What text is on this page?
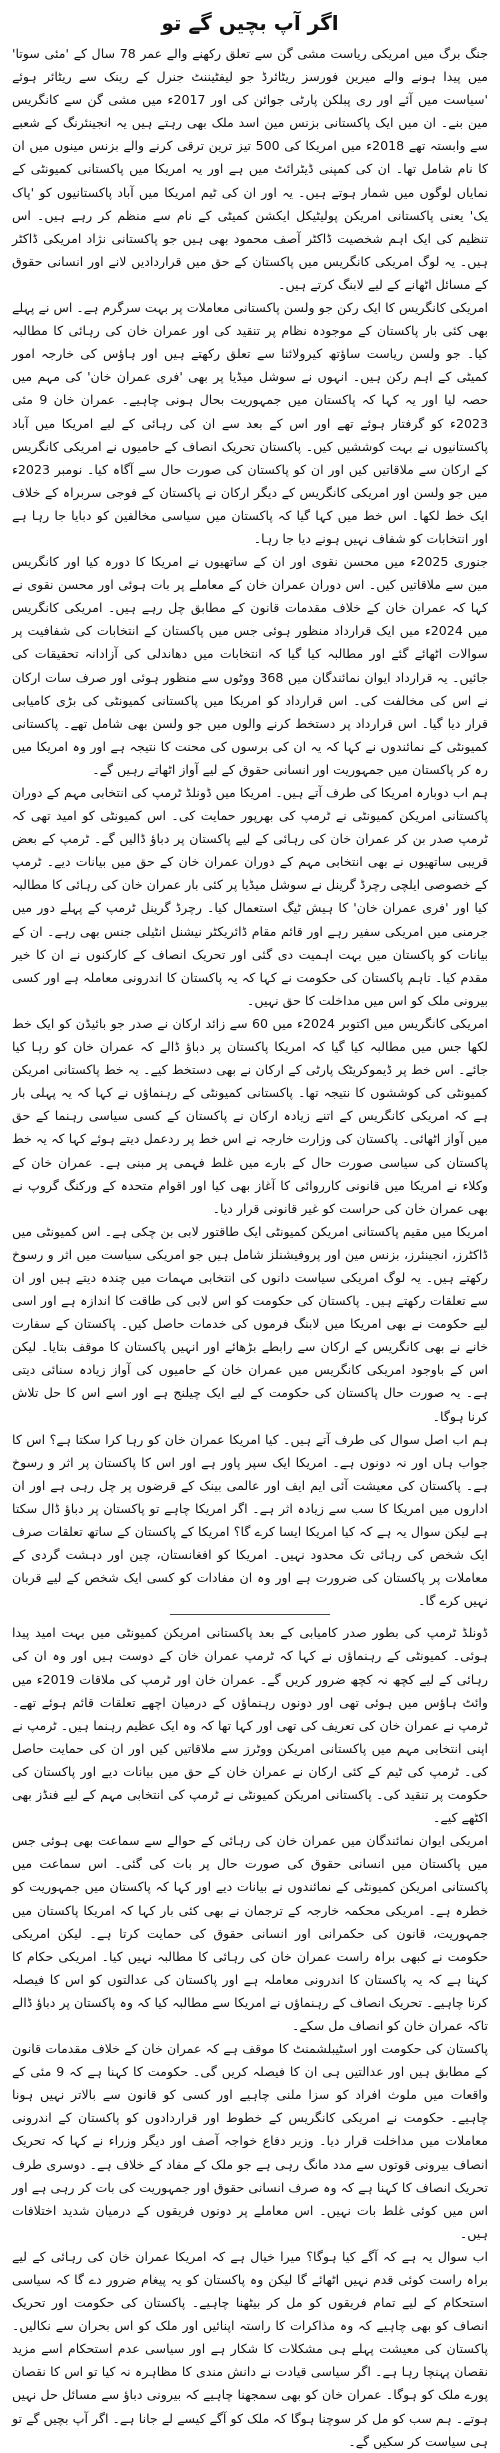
اگر آپ بچیں گے تو

جنگ برگ میں امریکی ریاست مشی گن سے تعلق رکھنے والے عمر 78 سال کے 'مئی سوتا' میں پیدا ہونے والے میرین فورسز ریٹائرڈ جو لیفٹیننٹ جنرل کے رینک سے ریٹائر ہوئے 'سیاست میں آئے اور ری پبلکن پارٹی جوائن کی اور 2017ء میں مشی گن سے کانگریس مین بنے۔ ان میں ایک پاکستانی بزنس مین اسد ملک بھی رہتے ہیں یہ انجینئرنگ کے شعبے سے وابستہ تھے 2018ء میں امریکا کی 500 تیز ترین ترقی کرنے والے بزنس مینوں میں ان کا نام شامل تھا۔ ان کی کمپنی ڈیٹرائٹ میں ہے اور یہ امریکا میں پاکستانی کمیونٹی کے نمایاں لوگوں میں شمار ہوتے ہیں۔ یہ اور ان کی ٹیم امریکا میں آباد پاکستانیوں کو 'پاک یک' یعنی پاکستانی امریکن پولیٹیکل ایکشن کمیٹی کے نام سے منظم کر رہے ہیں۔ اس تنظیم کی ایک اہم شخصیت ڈاکٹر آصف محمود بھی ہیں جو پاکستانی نژاد امریکی ڈاکٹر ہیں۔ یہ لوگ امریکی کانگریس میں پاکستان کے حق میں قراردادیں لانے اور انسانی حقوق کے مسائل اٹھانے کے لیے لابنگ کرتے ہیں۔

امریکی کانگریس کا ایک رکن جو ولسن پاکستانی معاملات پر بہت سرگرم ہے۔ اس نے پہلے بھی کئی بار پاکستان کے موجودہ نظام پر تنقید کی اور عمران خان کی رہائی کا مطالبہ کیا۔ جو ولسن ریاست ساؤتھ کیرولائنا سے تعلق رکھتے ہیں اور ہاؤس کی خارجہ امور کمیٹی کے اہم رکن ہیں۔ انہوں نے سوشل میڈیا پر بھی 'فری عمران خان' کی مہم میں حصہ لیا اور یہ کہا کہ پاکستان میں جمہوریت بحال ہونی چاہیے۔ عمران خان 9 مئی 2023ء کو گرفتار ہوئے تھے اور اس کے بعد سے ان کی رہائی کے لیے امریکا میں آباد پاکستانیوں نے بہت کوششیں کیں۔ پاکستان تحریک انصاف کے حامیوں نے امریکی کانگریس کے ارکان سے ملاقاتیں کیں اور ان کو پاکستان کی صورت حال سے آگاہ کیا۔ نومبر 2023ء میں جو ولسن اور امریکی کانگریس کے دیگر ارکان نے پاکستان کے فوجی سربراہ کے خلاف ایک خط لکھا۔ اس خط میں کہا گیا کہ پاکستان میں سیاسی مخالفین کو دبایا جا رہا ہے اور انتخابات کو شفاف نہیں ہونے دیا جا رہا۔

جنوری 2025ء میں محسن نقوی اور ان کے ساتھیوں نے امریکا کا دورہ کیا اور کانگریس مین سے ملاقاتیں کیں۔ اس دوران عمران خان کے معاملے پر بات ہوئی اور محسن نقوی نے کہا کہ عمران خان کے خلاف مقدمات قانون کے مطابق چل رہے ہیں۔ امریکی کانگریس میں 2024ء میں ایک قرارداد منظور ہوئی جس میں پاکستان کے انتخابات کی شفافیت پر سوالات اٹھائے گئے اور مطالبہ کیا گیا کہ انتخابات میں دھاندلی کی آزادانہ تحقیقات کی جائیں۔ یہ قرارداد ایوان نمائندگان میں 368 ووٹوں سے منظور ہوئی اور صرف سات ارکان نے اس کی مخالفت کی۔ اس قرارداد کو امریکا میں پاکستانی کمیونٹی کی بڑی کامیابی قرار دیا گیا۔ اس قرارداد پر دستخط کرنے والوں میں جو ولسن بھی شامل تھے۔ پاکستانی کمیونٹی کے نمائندوں نے کہا کہ یہ ان کی برسوں کی محنت کا نتیجہ ہے اور وہ امریکا میں رہ کر پاکستان میں جمہوریت اور انسانی حقوق کے لیے آواز اٹھاتے رہیں گے۔

ہم اب دوبارہ امریکا کی طرف آتے ہیں۔ امریکا میں ڈونلڈ ٹرمپ کی انتخابی مہم کے دوران پاکستانی امریکن کمیونٹی نے ٹرمپ کی بھرپور حمایت کی۔ اس کمیونٹی کو امید تھی کہ ٹرمپ صدر بن کر عمران خان کی رہائی کے لیے پاکستان پر دباؤ ڈالیں گے۔ ٹرمپ کے بعض قریبی ساتھیوں نے بھی انتخابی مہم کے دوران عمران خان کے حق میں بیانات دیے۔ ٹرمپ کے خصوصی ایلچی رچرڈ گرینل نے سوشل میڈیا پر کئی بار عمران خان کی رہائی کا مطالبہ کیا اور 'فری عمران خان' کا ہیش ٹیگ استعمال کیا۔ رچرڈ گرینل ٹرمپ کے پہلے دور میں جرمنی میں امریکی سفیر رہے اور قائم مقام ڈائریکٹر نیشنل انٹیلی جنس بھی رہے۔ ان کے بیانات کو پاکستان میں بہت اہمیت دی گئی اور تحریک انصاف کے کارکنوں نے ان کا خیر مقدم کیا۔ تاہم پاکستان کی حکومت نے کہا کہ یہ پاکستان کا اندرونی معاملہ ہے اور کسی بیرونی ملک کو اس میں مداخلت کا حق نہیں۔

امریکی کانگریس میں اکتوبر 2024ء میں 60 سے زائد ارکان نے صدر جو بائیڈن کو ایک خط لکھا جس میں مطالبہ کیا گیا کہ امریکا پاکستان پر دباؤ ڈالے کہ عمران خان کو رہا کیا جائے۔ اس خط پر ڈیموکریٹک پارٹی کے ارکان نے بھی دستخط کیے۔ یہ خط پاکستانی امریکن کمیونٹی کی کوششوں کا نتیجہ تھا۔ پاکستانی کمیونٹی کے رہنماؤں نے کہا کہ یہ پہلی بار ہے کہ امریکی کانگریس کے اتنے زیادہ ارکان نے پاکستان کے کسی سیاسی رہنما کے حق میں آواز اٹھائی۔ پاکستان کی وزارت خارجہ نے اس خط پر ردعمل دیتے ہوئے کہا کہ یہ خط پاکستان کی سیاسی صورت حال کے بارے میں غلط فہمی پر مبنی ہے۔ عمران خان کے وکلاء نے امریکا میں قانونی کارروائی کا آغاز بھی کیا اور اقوام متحدہ کے ورکنگ گروپ نے بھی عمران خان کی حراست کو غیر قانونی قرار دیا۔

امریکا میں مقیم پاکستانی امریکن کمیونٹی ایک طاقتور لابی بن چکی ہے۔ اس کمیونٹی میں ڈاکٹرز، انجینئرز، بزنس مین اور پروفیشنلز شامل ہیں جو امریکی سیاست میں اثر و رسوخ رکھتے ہیں۔ یہ لوگ امریکی سیاست دانوں کی انتخابی مہمات میں چندہ دیتے ہیں اور ان سے تعلقات رکھتے ہیں۔ پاکستان کی حکومت کو اس لابی کی طاقت کا اندازہ ہے اور اسی لیے حکومت نے بھی امریکا میں لابنگ فرموں کی خدمات حاصل کیں۔ پاکستان کے سفارت خانے نے بھی کانگریس کے ارکان سے رابطے بڑھائے اور انہیں پاکستان کا موقف بتایا۔ لیکن اس کے باوجود امریکی کانگریس میں عمران خان کے حامیوں کی آواز زیادہ سنائی دیتی ہے۔ یہ صورت حال پاکستان کی حکومت کے لیے ایک چیلنج ہے اور اسے اس کا حل تلاش کرنا ہوگا۔

ہم اب اصل سوال کی طرف آتے ہیں۔ کیا امریکا عمران خان کو رہا کرا سکتا ہے؟ اس کا جواب ہاں اور نہ دونوں ہے۔ امریکا ایک سپر پاور ہے اور اس کا پاکستان پر اثر و رسوخ ہے۔ پاکستان کی معیشت آئی ایم ایف اور عالمی بینک کے قرضوں پر چل رہی ہے اور ان اداروں میں امریکا کا سب سے زیادہ اثر ہے۔ اگر امریکا چاہے تو پاکستان پر دباؤ ڈال سکتا ہے لیکن سوال یہ ہے کہ کیا امریکا ایسا کرے گا؟ امریکا کے پاکستان کے ساتھ تعلقات صرف ایک شخص کی رہائی تک محدود نہیں۔ امریکا کو افغانستان، چین اور دہشت گردی کے معاملات پر پاکستان کی ضرورت ہے اور وہ ان مفادات کو کسی ایک شخص کے لیے قربان نہیں کرے گا۔

ڈونلڈ ٹرمپ کی بطور صدر کامیابی کے بعد پاکستانی امریکن کمیونٹی میں بہت امید پیدا ہوئی۔ کمیونٹی کے رہنماؤں نے کہا کہ ٹرمپ عمران خان کے دوست ہیں اور وہ ان کی رہائی کے لیے کچھ نہ کچھ ضرور کریں گے۔ عمران خان اور ٹرمپ کی ملاقات 2019ء میں وائٹ ہاؤس میں ہوئی تھی اور دونوں رہنماؤں کے درمیان اچھے تعلقات قائم ہوئے تھے۔ ٹرمپ نے عمران خان کی تعریف کی تھی اور کہا تھا کہ وہ ایک عظیم رہنما ہیں۔ ٹرمپ نے اپنی انتخابی مہم میں پاکستانی امریکن ووٹرز سے ملاقاتیں کیں اور ان کی حمایت حاصل کی۔ ٹرمپ کی ٹیم کے کئی ارکان نے عمران خان کے حق میں بیانات دیے اور پاکستان کی حکومت پر تنقید کی۔ پاکستانی امریکن کمیونٹی نے ٹرمپ کی انتخابی مہم کے لیے فنڈز بھی اکٹھے کیے۔

امریکی ایوان نمائندگان میں عمران خان کی رہائی کے حوالے سے سماعت بھی ہوئی جس میں پاکستان میں انسانی حقوق کی صورت حال پر بات کی گئی۔ اس سماعت میں پاکستانی امریکن کمیونٹی کے نمائندوں نے بیانات دیے اور کہا کہ پاکستان میں جمہوریت کو خطرہ ہے۔ امریکی محکمہ خارجہ کے ترجمان نے بھی کئی بار کہا کہ امریکا پاکستان میں جمہوریت، قانون کی حکمرانی اور انسانی حقوق کی حمایت کرتا ہے۔ لیکن امریکی حکومت نے کبھی براہ راست عمران خان کی رہائی کا مطالبہ نہیں کیا۔ امریکی حکام کا کہنا ہے کہ یہ پاکستان کا اندرونی معاملہ ہے اور پاکستان کی عدالتوں کو اس کا فیصلہ کرنا چاہیے۔ تحریک انصاف کے رہنماؤں نے امریکا سے مطالبہ کیا کہ وہ پاکستان پر دباؤ ڈالے تاکہ عمران خان کو انصاف مل سکے۔

پاکستان کی حکومت اور اسٹیبلشمنٹ کا موقف ہے کہ عمران خان کے خلاف مقدمات قانون کے مطابق ہیں اور عدالتیں ہی ان کا فیصلہ کریں گی۔ حکومت کا کہنا ہے کہ 9 مئی کے واقعات میں ملوث افراد کو سزا ملنی چاہیے اور کسی کو قانون سے بالاتر نہیں ہونا چاہیے۔ حکومت نے امریکی کانگریس کے خطوط اور قراردادوں کو پاکستان کے اندرونی معاملات میں مداخلت قرار دیا۔ وزیر دفاع خواجہ آصف اور دیگر وزراء نے کہا کہ تحریک انصاف بیرونی قوتوں سے مدد مانگ رہی ہے جو ملک کے مفاد کے خلاف ہے۔ دوسری طرف تحریک انصاف کا کہنا ہے کہ وہ صرف انسانی حقوق اور جمہوریت کی بات کر رہی ہے اور اس میں کوئی غلط بات نہیں۔ اس معاملے پر دونوں فریقوں کے درمیان شدید اختلافات ہیں۔

اب سوال یہ ہے کہ آگے کیا ہوگا؟ میرا خیال ہے کہ امریکا عمران خان کی رہائی کے لیے براہ راست کوئی قدم نہیں اٹھائے گا لیکن وہ پاکستان کو یہ پیغام ضرور دے گا کہ سیاسی استحکام کے لیے تمام فریقوں کو مل کر بیٹھنا چاہیے۔ پاکستان کی حکومت اور تحریک انصاف کو بھی چاہیے کہ وہ مذاکرات کا راستہ اپنائیں اور ملک کو اس بحران سے نکالیں۔ پاکستان کی معیشت پہلے ہی مشکلات کا شکار ہے اور سیاسی عدم استحکام اسے مزید نقصان پہنچا رہا ہے۔ اگر سیاسی قیادت نے دانش مندی کا مظاہرہ نہ کیا تو اس کا نقصان پورے ملک کو ہوگا۔ عمران خان کو بھی سمجھنا چاہیے کہ بیرونی دباؤ سے مسائل حل نہیں ہوتے۔ ہم سب کو مل کر سوچنا ہوگا کہ ملک کو آگے کیسے لے جانا ہے۔ اگر آپ بچیں گے تو ہی سیاست کر سکیں گے۔
